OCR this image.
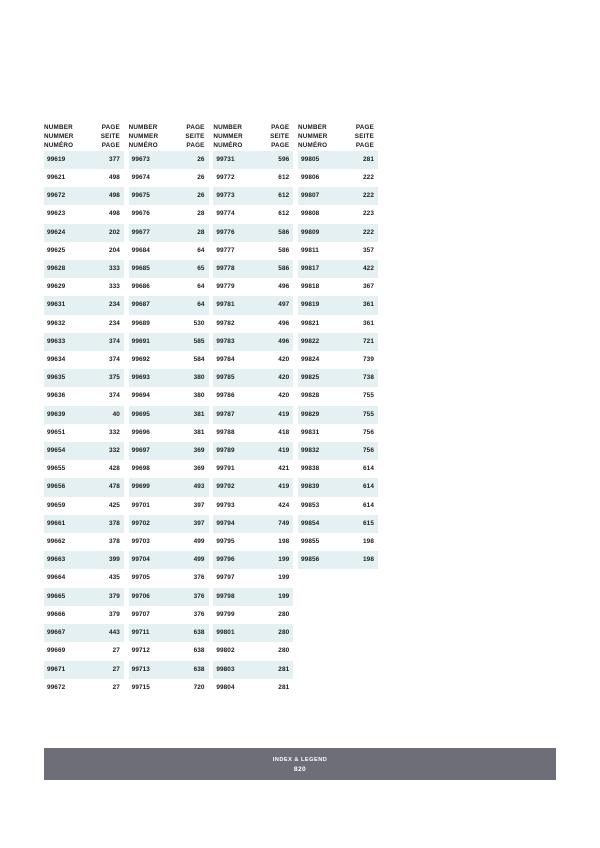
NUMBER
NUMMER
NUMÉRO	PAGE
SEITE
PAGE		NUMBER
NUMMER
NUMÉRO	PAGE
SEITE
PAGE		NUMBER
NUMMER
NUMÉRO	PAGE
SEITE
PAGE		NUMBER
NUMMER
NUMÉRO	PAGE
SEITE
PAGE
99619	377		99673	26		99731	596		99805	281
99621	498		99674	26		99772	612		99806	222
99672	498		99675	26		99773	612		99807	222
99623	498		99676	28		99774	612		99808	223
99624	202		99677	28		99776	586		99809	222
99625	204		99684	64		99777	586		99811	357
99628	333		99685	65		99778	586		99817	422
99629	333		99686	64		99779	496		99818	367
99631	234		99687	64		99781	497		99819	361
99632	234		99689	530		99782	496		99821	361
99633	374		99691	585		99783	496		99822	721
99634	374		99692	584		99784	420		99824	739
99635	375		99693	380		99785	420		99825	738
99636	374		99694	380		99786	420		99828	755
99639	40		99695	381		99787	419		99829	755
99651	332		99696	381		99788	418		99831	756
99654	332		99697	369		99789	419		99832	756
99655	428		99698	369		99791	421		99838	614
99656	478		99699	493		99792	419		99839	614
99659	425		99701	397		99793	424		99853	614
99661	378		99702	397		99794	749		99854	615
99662	378		99703	499		99795	198		99855	198
99663	399		99704	499		99796	199		99856	198
99664	435		99705	376		99797	199			
99665	379		99706	376		99798	199			
99666	379		99707	376		99799	280			
99667	443		99711	638		99801	280			
99669	27		99712	638		99802	280			
99671	27		99713	638		99803	281			
99672	27		99715	720		99804	281			
INDEX & LEGEND
820
